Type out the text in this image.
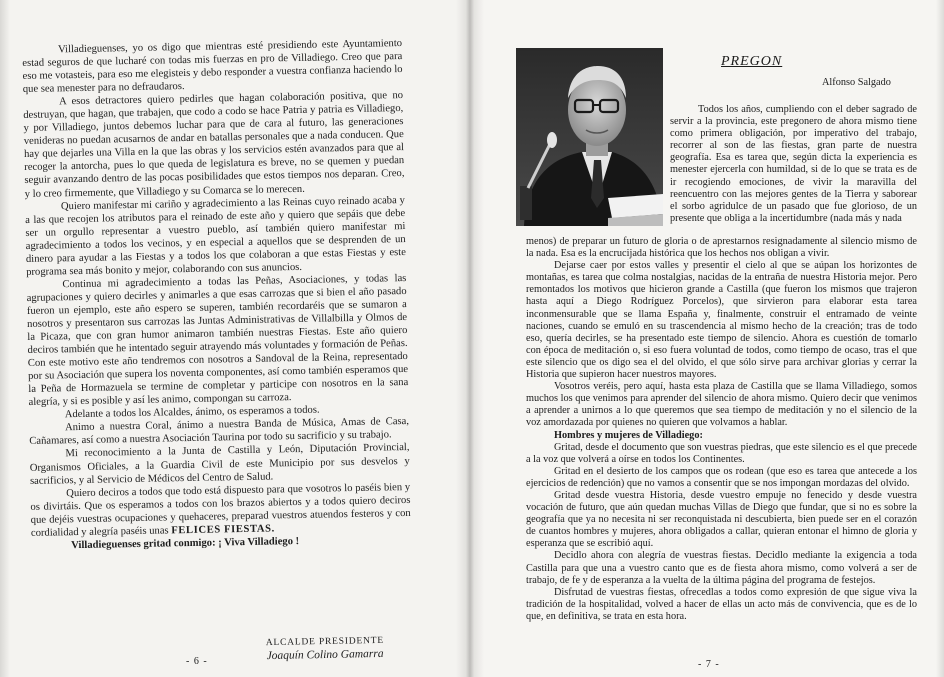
Villadieguenses, yo os digo que mientras esté presidiendo este Ayuntamiento estad seguros de que lucharé con todas mis fuerzas en pro de Villadiego. Creo que para eso me votasteis, para eso me elegisteis y debo responder a vuestra confianza haciendo lo que sea menester para no defraudaros.

A esos detractores quiero pedirles que hagan colaboración positiva, que no destruyan, que hagan, que trabajen, que codo a codo se hace Patria y patria es Villadiego, y por Villadiego, juntos debemos luchar para que de cara al futuro, las generaciones venideras no puedan acusarnos de andar en batallas personales que a nada conducen. Que hay que dejarles una Villa en la que las obras y los servicios estén avanzados para que al recoger la antorcha, pues lo que queda de legislatura es breve, no se quemen y puedan seguir avanzando dentro de las pocas posibilidades que estos tiempos nos deparan. Creo, y lo creo firmemente, que Villadiego y su Comarca se lo merecen.

Quiero manifestar mi cariño y agradecimiento a las Reinas cuyo reinado acaba y a las que recojen los atributos para el reinado de este año y quiero que sepáis que debe ser un orgullo representar a vuestro pueblo, así también quiero manifestar mi agradecimiento a todos los vecinos, y en especial a aquellos que se desprenden de un dinero para ayudar a las Fiestas y a todos los que colaboran a que estas Fiestas y este programa sea más bonito y mejor, colaborando con sus anuncios.

Continua mi agradecimiento a todas las Peñas, Asociaciones, y todas las agrupaciones y quiero decirles y animarles a que esas carrozas que si bien el año pasado fueron un ejemplo, este año espero se superen, también recordaréis que se sumaron a nosotros y presentaron sus carrozas las Juntas Administrativas de Villalbilla y Olmos de la Picaza, que con gran humor animaron también nuestras Fiestas. Este año quiero deciros también que he intentado seguir atrayendo más voluntades y formación de Peñas. Con este motivo este año tendremos con nosotros a Sandoval de la Reina, representado por su Asociación que supera los noventa componentes, así como también esperamos que la Peña de Hormazuela se termine de completar y participe con nosotros en la sana alegría, y si es posible y así les animo, compongan su carroza.

Adelante a todos los Alcaldes, ánimo, os esperamos a todos.

Animo a nuestra Coral, ánimo a nuestra Banda de Música, Amas de Casa, Cañamares, así como a nuestra Asociación Taurina por todo su sacrificio y su trabajo.

Mi reconocimiento a la Junta de Castilla y León, Diputación Provincial, Organismos Oficiales, a la Guardia Civil de este Municipio por sus desvelos y sacrificios, y al Servicio de Médicos del Centro de Salud.

Quiero deciros a todos que todo está dispuesto para que vosotros lo paséis bien y os divirtáis. Que os esperamos a todos con los brazos abiertos y a todos quiero deciros que dejéis vuestras ocupaciones y quehaceres, preparad vuestros atuendos festeros y con cordialidad y alegría paséis unas FELICES FIESTAS.

Villadieguenses gritad conmigo: ¡ Viva Villadiego !

ALCALDE PRESIDENTE
Joaquín Colino Gamarra
- 6 -
PREGON
Alfonso Salgado

Todos los años, cumpliendo con el deber sagrado de servir a la provincia, este pregonero de ahora mismo tiene como primera obligación, por imperativo del trabajo, recorrer al son de las fiestas, gran parte de nuestra geografía. Esa es tarea que, según dicta la experiencia es menester ejercerla con humildad, si de lo que se trata es de ir recogiendo emociones, de vivir la maravilla del reencuentro con las mejores gentes de la Tierra y saborear el sorbo agridulce de un pasado que fue glorioso, de un presente que obliga a la incertidumbre (nada más y nada

menos) de preparar un futuro de gloria o de aprestarnos resignadamente al silencio mismo de la nada. Esa es la encrucijada histórica que los hechos nos obligan a vivir.

Dejarse caer por estos valles y presentir el cielo al que se aúpan los horizontes de montañas, es tarea que colma nostalgias, nacidas de la entraña de nuestra Historia mejor. Pero remontados los motivos que hicieron grande a Castilla (que fueron los mismos que trajeron hasta aquí a Diego Rodríguez Porcelos), que sirvieron para elaborar esta tarea inconmensurable que se llama España y, finalmente, construir el entramado de veinte naciones, cuando se emuló en su trascendencia al mismo hecho de la creación; tras de todo eso, quería decirles, se ha presentado este tiempo de silencio. Ahora es cuestión de tomarlo con época de meditación o, si eso fuera voluntad de todos, como tiempo de ocaso, tras el que este silencio que os digo sea el del olvido, el que sólo sirve para archivar glorias y cerrar la Historia que supieron hacer nuestros mayores.

Vosotros veréis, pero aquí, hasta esta plaza de Castilla que se llama Villadiego, somos muchos los que venimos para aprender del silencio de ahora mismo. Quiero decir que venimos a aprender a unirnos a lo que queremos que sea tiempo de meditación y no el silencio de la voz amordazada por quienes no quieren que volvamos a hablar.

Hombres y mujeres de Villadiego:

Gritad, desde el documento que son vuestras piedras, que este silencio es el que precede a la voz que volverá a oírse en todos los Continentes.

Gritad en el desierto de los campos que os rodean (que eso es tarea que antecede a los ejercicios de redención) que no vamos a consentir que se nos impongan mordazas del olvido.

Gritad desde vuestra Historia, desde vuestro empuje no fenecido y desde vuestra vocación de futuro, que aún quedan muchas Villas de Diego que fundar, que si no es sobre la geografía que ya no necesita ni ser reconquistada ni descubierta, bien puede ser en el corazón de cuantos hombres y mujeres, ahora obligados a callar, quieran entonar el himno de gloria y esperanza que se escribió aquí.

Decidlo ahora con alegría de vuestras fiestas. Decidlo mediante la exigencia a toda Castilla para que una a vuestro canto que es de fiesta ahora mismo, como volverá a ser de trabajo, de fe y de esperanza a la vuelta de la última página del programa de festejos.

Disfrutad de vuestras fiestas, ofrecedlas a todos como expresión de que sigue viva la tradición de la hospitalidad, volved a hacer de ellas un acto más de convivencia, que es de lo que, en definitiva, se trata en esta hora.

- 7 -
